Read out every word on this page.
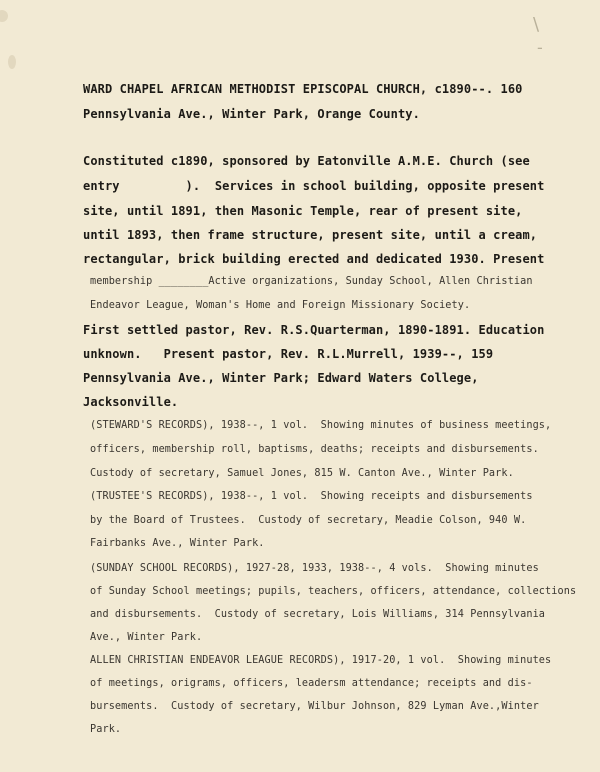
\
-
WARD CHAPEL AFRICAN METHODIST EPISCOPAL CHURCH, c1890--. 160
Pennsylvania Ave., Winter Park, Orange County.
Constituted c1890, sponsored by Eatonville A.M.E. Church (see
entry         ).  Services in school building, opposite present
site, until 1891, then Masonic Temple, rear of present site,
until 1893, then frame structure, present site, until a cream,
rectangular, brick building erected and dedicated 1930. Present
membership ________Active organizations, Sunday School, Allen Christian
Endeavor League, Woman's Home and Foreign Missionary Society.
First settled pastor, Rev. R.S.Quarterman, 1890-1891. Education
unknown.   Present pastor, Rev. R.L.Murrell, 1939--, 159
Pennsylvania Ave., Winter Park; Edward Waters College,
Jacksonville.
(STEWARD'S RECORDS), 1938--, 1 vol.  Showing minutes of business meetings,
officers, membership roll, baptisms, deaths; receipts and disbursements.
Custody of secretary, Samuel Jones, 815 W. Canton Ave., Winter Park.
(TRUSTEE'S RECORDS), 1938--, 1 vol.  Showing receipts and disbursements
by the Board of Trustees.  Custody of secretary, Meadie Colson, 940 W.
Fairbanks Ave., Winter Park.
(SUNDAY SCHOOL RECORDS), 1927-28, 1933, 1938--, 4 vols.  Showing minutes
of Sunday School meetings; pupils, teachers, officers, attendance, collections
and disbursements.  Custody of secretary, Lois Williams, 314 Pennsylvania
Ave., Winter Park.
ALLEN CHRISTIAN ENDEAVOR LEAGUE RECORDS), 1917-20, 1 vol.  Showing minutes
of meetings, origrams, officers, leadersm attendance; receipts and dis-
bursements.  Custody of secretary, Wilbur Johnson, 829 Lyman Ave.,Winter
Park.
